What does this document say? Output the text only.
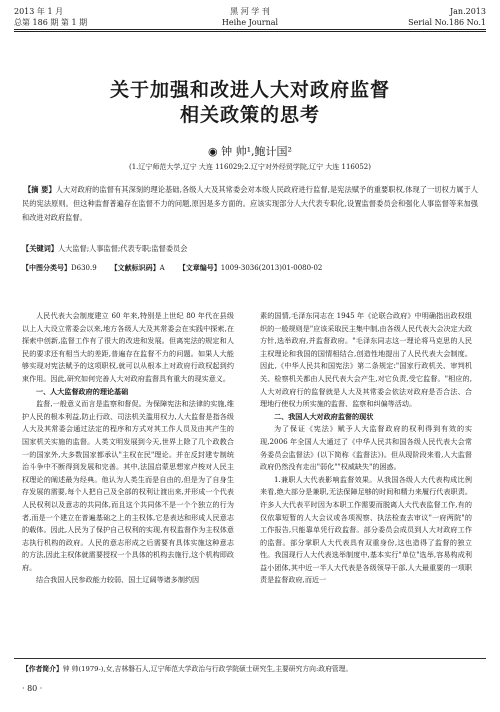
2013 年 1 月	黑 河 学 刊	Jan.2013
总第 186 期 第 1 期	Heihe Journal	Serial No.186 No.1
关于加强和改进人大对政府监督
相关政策的思考
◉ 钟 帅¹,鲍计国²
(1.辽宁师范大学,辽宁 大连 116029;2.辽宁对外经贸学院,辽宁 大连 116052)
【摘 要】人大对政府的监督有其深刻的理论基础,各级人大及其常委会对本级人民政府进行监督,是宪法赋予的重要职权,体现了一切权力属于人民的宪法原则。但这种监督普遍存在监督不力的问题,原因是多方面的。应该实现部分人大代表专职化,设置监督委员会和强化人事监督等来加强和改进对政府监督。
【关键词】人大监督;人事监督;代表专职;监督委员会
【中图分类号】D630.9 【文献标识码】A 【文章编号】1009-3036(2013)01-0080-02

人民代表大会制度建立 60 年来,特别是上世纪 80 年代在县级以上人大设立常委会以来,地方各级人大及其常委会在实践中探索,在探索中创新,监督工作有了很大的改进和发展。但离宪法的规定和人民的要求还有相当大的差距,普遍存在监督不力的问题。如果人大能够实现对宪法赋予的这项职权,就可以从根本上对政府行政权起到约束作用。因此,研究如何完善人大对政府监督具有重大的现实意义。

一、人大监督政府的理论基础

监督,一般意义而言是监察和督促。为保障宪法和法律的实施,维护人民的根本利益,防止行政、司法机关滥用权力,人大监督是指各级人大及其常委会通过法定的程序和方式对其工作人员及由其产生的国家机关实施的监督。人类文明发展到今天,世界上除了几个政教合一的国家外,大多数国家都承认"主权在民"理论。并在反封建专制统治斗争中不断得到发展和完善。其中,法国启蒙思想家卢梭对人民主权理论的阐述最为经典。他认为人类生而是自由的,但是为了自身生存发展的需要,每个人把自己及全部的权利让渡出来,并形成一个代表人民权利以及意志的共同体,而且这个共同体不是一个个独立的行为者,而是一个建立在普遍基础之上的主权体,它是表达和形成人民意志的载体。因此,人民为了保护自己权利的实现,有权监督作为主权体意志执行机构的政府。人民的意志形成之后需要有具体实施这种意志的方法,因此主权体就需要授权一个具体的机构去施行,这个机构即政府。

结合我国人民参政能力较弱、国土辽阔等诸多制约因

素的国情,毛泽东同志在 1945 年《论联合政府》中明确指出政权组织的一般规则是"应该采取民主集中制,由各级人民代表大会决定大政方针,选举政府,并监督政府。"毛泽东同志这一理论将马克思的人民主权理论和我国的国情相结合,创造性地提出了人民代表大会制度。因此,《中华人民共和国宪法》第二条规定:"国家行政机关、审判机关、检察机关都由人民代表大会产生,对它负责,受它监督。"相应的,人大对政府行的监督就是人大及其常委会依法对政府是否合法、合理地行使权力所实施的监督、监察和纠偏等活动。

二、我国人大对政府监督的现状

为了保证《宪法》赋予人大监督政府的权利得到有效的实现,2006 年全国人大通过了《中华人民共和国各级人民代表大会常务委员会监督法》(以下简称《监督法》)。但从现阶段来看,人大监督政府仍然没有走出"弱化""权威缺失"的困惑。

1.兼职人大代表影响监督效果。从我国各级人大代表构成比例来看,绝大部分是兼职,无法保障足够的时间和精力来履行代表职责。许多人大代表平时因为本职工作需要而脱离人大代表监督工作,有的仅依靠短暂的人大会议或各项视察、执法检查去审议"一府两院"的工作报告,只能靠单凭行政监督。部分委员会成员到人大对政府工作的监督。部分掌职人大代表具有双重身份,这也造得了监督的独立性。我国现行人大代表选举制度中,基本实行"单位"选举,容易构成利益小团体,其中近一半人大代表是各级领导干部,人大最重要的一项职责是监督政府,而近一

【作者简介】钟 帅(1979-),女,吉林磐石人,辽宁师范大学政治与行政学院硕士研究生,主要研究方向:政府管理。
· 80 ·
